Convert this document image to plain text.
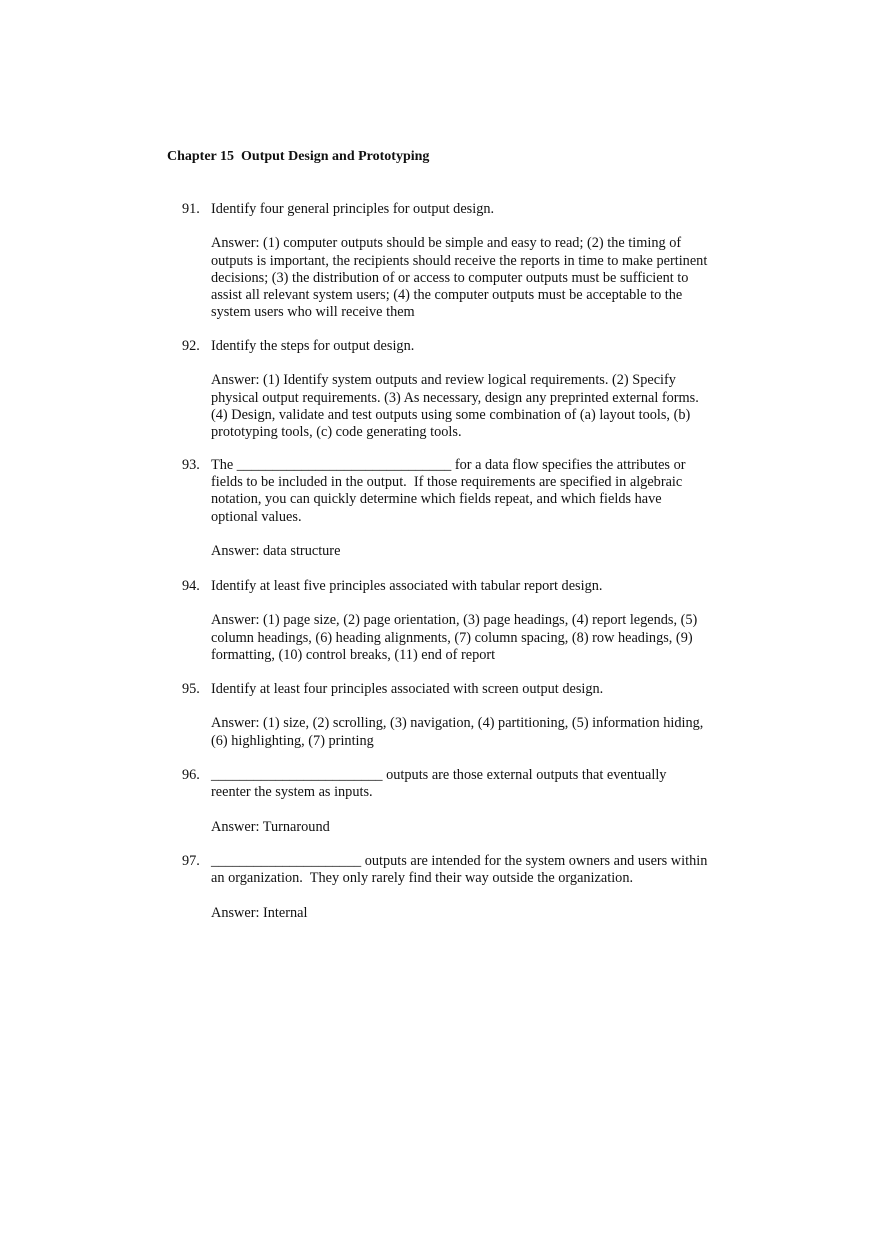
Chapter 15  Output Design and Prototyping
91. Identify four general principles for output design.

Answer: (1) computer outputs should be simple and easy to read; (2) the timing of
outputs is important, the recipients should receive the reports in time to make pertinent
decisions; (3) the distribution of or access to computer outputs must be sufficient to
assist all relevant system users; (4) the computer outputs must be acceptable to the
system users who will receive them
92. Identify the steps for output design.

Answer: (1) Identify system outputs and review logical requirements. (2) Specify
physical output requirements. (3) As necessary, design any preprinted external forms.
(4) Design, validate and test outputs using some combination of (a) layout tools, (b)
prototyping tools, (c) code generating tools.
93. The ______________________________ for a data flow specifies the attributes or
fields to be included in the output.  If those requirements are specified in algebraic
notation, you can quickly determine which fields repeat, and which fields have
optional values.

Answer: data structure
94. Identify at least five principles associated with tabular report design.

Answer: (1) page size, (2) page orientation, (3) page headings, (4) report legends, (5)
column headings, (6) heading alignments, (7) column spacing, (8) row headings, (9)
formatting, (10) control breaks, (11) end of report
95. Identify at least four principles associated with screen output design.

Answer: (1) size, (2) scrolling, (3) navigation, (4) partitioning, (5) information hiding,
(6) highlighting, (7) printing
96. ________________________ outputs are those external outputs that eventually
reenter the system as inputs.

Answer: Turnaround
97. _____________________ outputs are intended for the system owners and users within
an organization.  They only rarely find their way outside the organization.

Answer: Internal
